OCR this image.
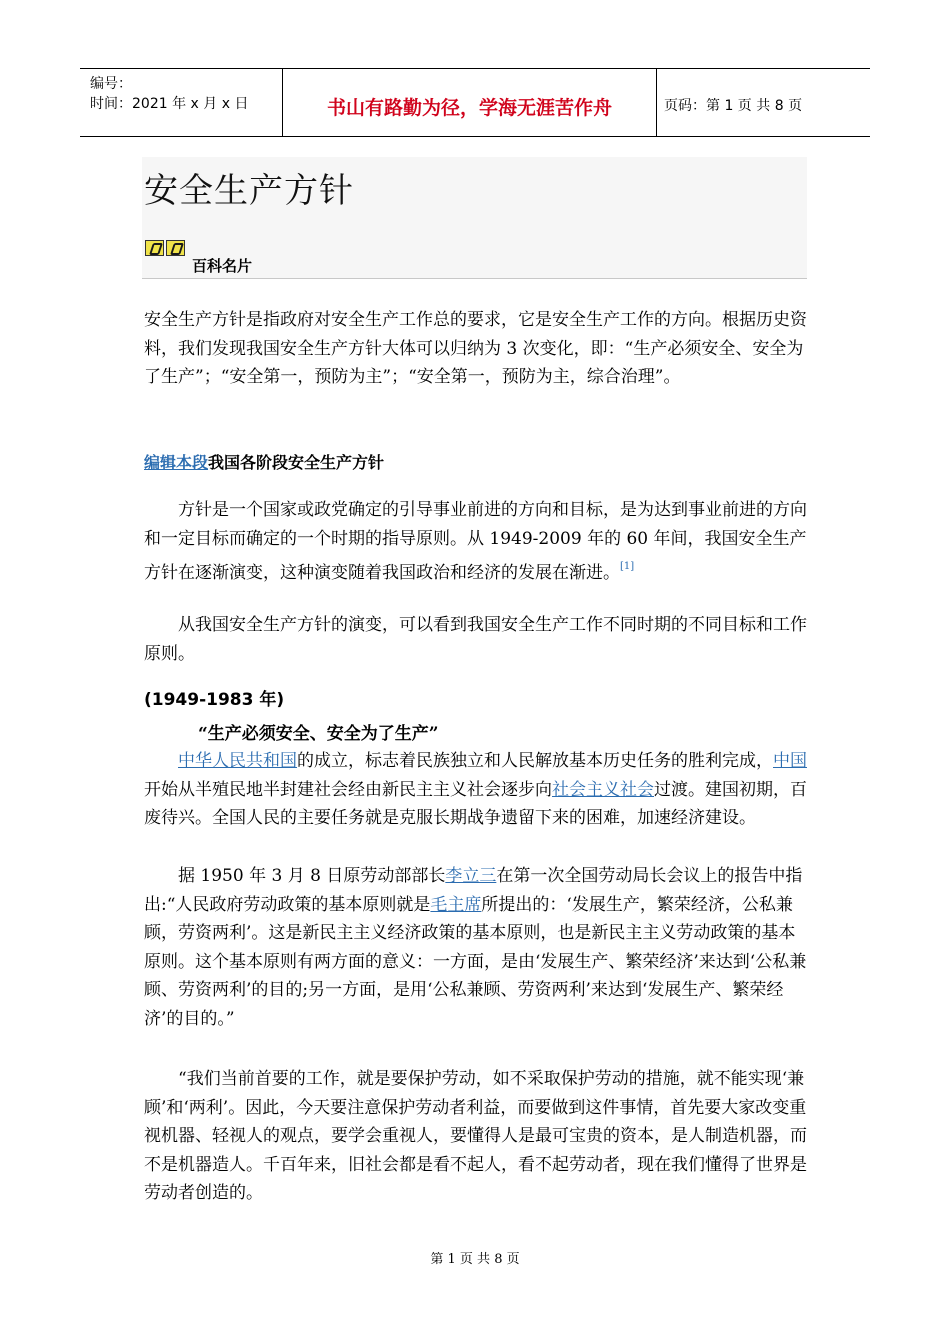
编号：
时间：2021 年 x 月 x 日	书山有路勤为径，学海无涯苦作舟	页码：第 1 页 共 8 页
安全生产方针
百科名片
安全生产方针是指政府对安全生产工作总的要求，它是安全生产工作的方向。根据历史资料，我们发现我国安全生产方针大体可以归纳为 3 次变化，即：“生产必须安全、安全为了生产”；“安全第一，预防为主”；“安全第一，预防为主，综合治理”。
编辑本段我国各阶段安全生产方针
方针是一个国家或政党确定的引导事业前进的方向和目标，是为达到事业前进的方向和一定目标而确定的一个时期的指导原则。从 1949-2009 年的 60 年间，我国安全生产方针在逐渐演变，这种演变随着我国政治和经济的发展在渐进。[1]
从我国安全生产方针的演变，可以看到我国安全生产工作不同时期的不同目标和工作原则。
(1949-1983 年)
“生产必须安全、安全为了生产”
中华人民共和国的成立，标志着民族独立和人民解放基本历史任务的胜利完成，中国开始从半殖民地半封建社会经由新民主主义社会逐步向社会主义社会过渡。建国初期，百废待兴。全国人民的主要任务就是克服长期战争遗留下来的困难，加速经济建设。
据 1950 年 3 月 8 日原劳动部部长李立三在第一次全国劳动局长会议上的报告中指出:“人民政府劳动政策的基本原则就是毛主席所提出的：‘发展生产，繁荣经济，公私兼顾，劳资两利’。这是新民主主义经济政策的基本原则，也是新民主主义劳动政策的基本原则。这个基本原则有两方面的意义：一方面，是由‘发展生产、繁荣经济’来达到‘公私兼顾、劳资两利’的目的;另一方面，是用‘公私兼顾、劳资两利’来达到‘发展生产、繁荣经济’的目的。”
“我们当前首要的工作，就是要保护劳动，如不采取保护劳动的措施，就不能实现‘兼顾’和‘两利’。因此，今天要注意保护劳动者利益，而要做到这件事情，首先要大家改变重视机器、轻视人的观点，要学会重视人，要懂得人是最可宝贵的资本，是人制造机器，而不是机器造人。千百年来，旧社会都是看不起人，看不起劳动者，现在我们懂得了世界是劳动者创造的。
第 1 页 共 8 页
